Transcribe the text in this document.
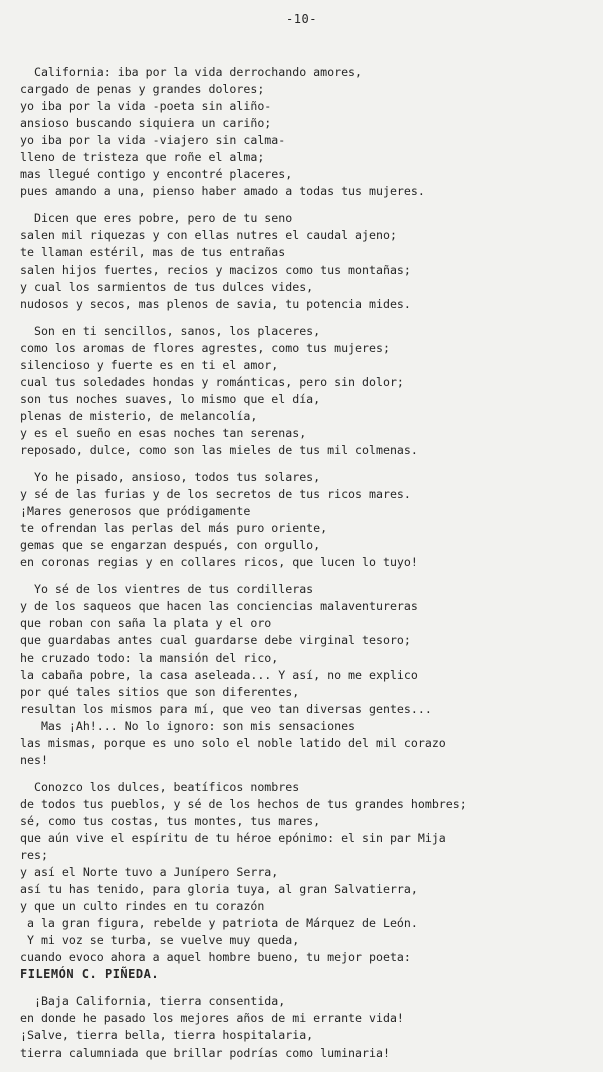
-10-
California: iba por la vida derrochando amores,
cargado de penas y grandes dolores;
yo iba por la vida -poeta sin aliño-
ansioso buscando siquiera un cariño;
yo iba por la vida -viajero sin calma-
lleno de tristeza que roñe el alma;
mas llegué contigo y encontré placeres,
pues amando a una, pienso haber amado a todas tus mujeres.
Dicen que eres pobre, pero de tu seno
salen mil riquezas y con ellas nutres el caudal ajeno;
te llaman estéril, mas de tus entrañas
salen hijos fuertes, recios y macizos como tus montañas;
y cual los sarmientos de tus dulces vides,
nudosos y secos, mas plenos de savia, tu potencia mides.
Son en ti sencillos, sanos, los placeres,
como los aromas de flores agrestes, como tus mujeres;
silencioso y fuerte es en ti el amor,
cual tus soledades hondas y románticas, pero sin dolor;
son tus noches suaves, lo mismo que el día,
plenas de misterio, de melancolía,
y es el sueño en esas noches tan serenas,
reposado, dulce, como son las mieles de tus mil colmenas.
Yo he pisado, ansioso, todos tus solares,
y sé de las furias y de los secretos de tus ricos mares.
¡Mares generosos que pródigamente
te ofrendan las perlas del más puro oriente,
gemas que se engarzan después, con orgullo,
en coronas regias y en collares ricos, que lucen lo tuyo!
Yo sé de los vientres de tus cordilleras
y de los saqueos que hacen las conciencias malaventureras
que roban con saña la plata y el oro
que guardabas antes cual guardarse debe virginal tesoro;
he cruzado todo: la mansión del rico,
la cabaña pobre, la casa aseleada... Y así, no me explico
por qué tales sitios que son diferentes,
resultan los mismos para mí, que veo tan diversas gentes...
Mas ¡Ah!... No lo ignoro: son mis sensaciones
las mismas, porque es uno solo el noble latido del mil corazo
nes!
Conozco los dulces, beatíficos nombres
de todos tus pueblos, y sé de los hechos de tus grandes hombres;
sé, como tus costas, tus montes, tus mares,
que aún vive el espíritu de tu héroe epónimo: el sin par Mija
res;
y así el Norte tuvo a Junípero Serra,
así tu has tenido, para gloria tuya, al gran Salvatierra,
y que un culto rindes en tu corazón
a la gran figura, rebelde y patriota de Márquez de León.
Y mi voz se turba, se vuelve muy queda,
cuando evoco ahora a aquel hombre bueno, tu mejor poeta:
FILEMÓN C. PIÑEDA.
¡Baja California, tierra consentida,
en donde he pasado los mejores años de mi errante vida!
¡Salve, tierra bella, tierra hospitalaria,
tierra calumniada que brillar podrías como luminaria!
